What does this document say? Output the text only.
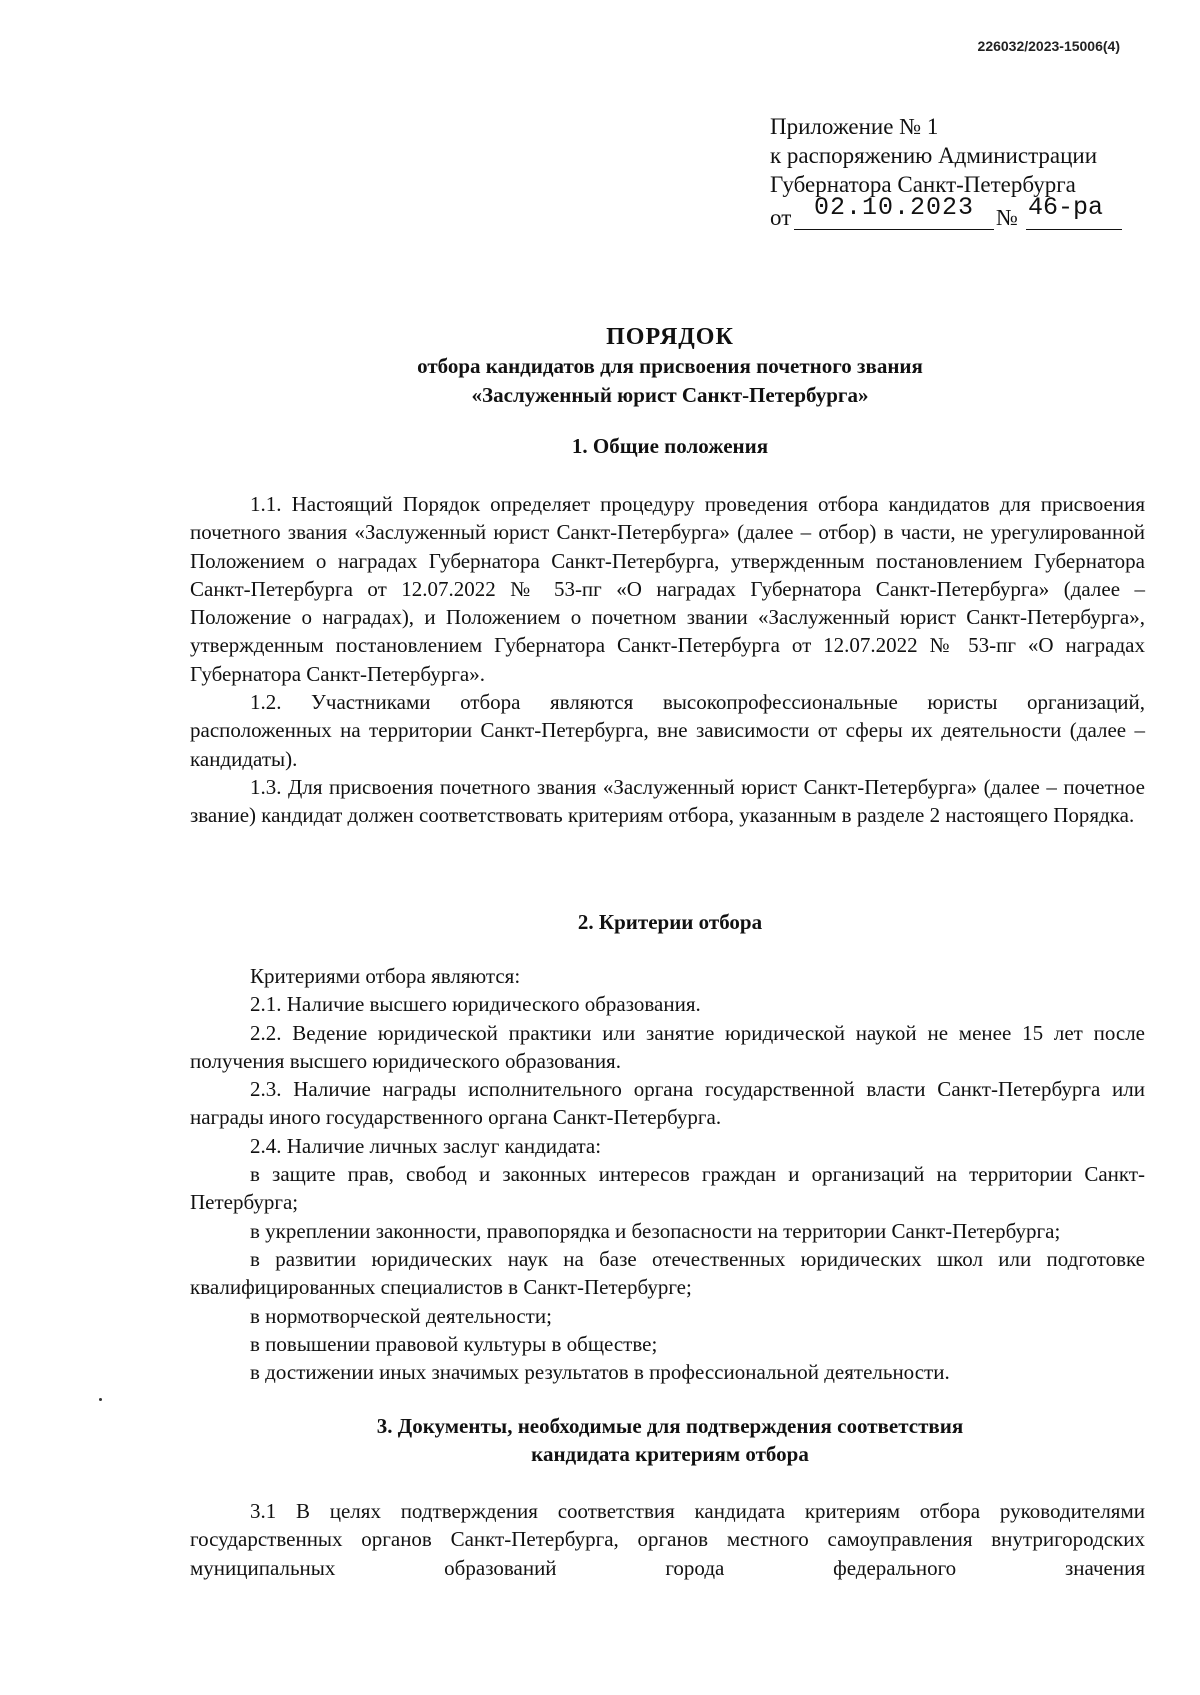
226032/2023-15006(4)
Приложение № 1
к распоряжению Администрации
Губернатора Санкт-Петербурга
от 02.10.2023 № 46-ра
ПОРЯДОК
отбора кандидатов для присвоения почетного звания
«Заслуженный юрист Санкт-Петербурга»
1. Общие положения

1.1. Настоящий Порядок определяет процедуру проведения отбора кандидатов для присвоения почетного звания «Заслуженный юрист Санкт-Петербурга» (далее – отбор) в части, не урегулированной Положением о наградах Губернатора Санкт-Петербурга, утвержденным постановлением Губернатора Санкт-Петербурга от 12.07.2022 № 53-пг «О наградах Губернатора Санкт-Петербурга» (далее – Положение о наградах), и Положением о почетном звании «Заслуженный юрист Санкт-Петербурга», утвержденным постановлением Губернатора Санкт-Петербурга от 12.07.2022 № 53-пг «О наградах Губернатора Санкт-Петербурга».

1.2. Участниками отбора являются высокопрофессиональные юристы организаций, расположенных на территории Санкт-Петербурга, вне зависимости от сферы их деятельности (далее – кандидаты).

1.3. Для присвоения почетного звания «Заслуженный юрист Санкт-Петербурга» (далее – почетное звание) кандидат должен соответствовать критериям отбора, указанным в разделе 2 настоящего Порядка.

2. Критерии отбора

Критериями отбора являются:

2.1. Наличие высшего юридического образования.

2.2. Ведение юридической практики или занятие юридической наукой не менее 15 лет после получения высшего юридического образования.

2.3. Наличие награды исполнительного органа государственной власти Санкт-Петербурга или награды иного государственного органа Санкт-Петербурга.

2.4. Наличие личных заслуг кандидата:

в защите прав, свобод и законных интересов граждан и организаций на территории Санкт-Петербурга;

в укреплении законности, правопорядка и безопасности на территории Санкт-Петербурга;

в развитии юридических наук на базе отечественных юридических школ или подготовке квалифицированных специалистов в Санкт-Петербурге;

в нормотворческой деятельности;

в повышении правовой культуры в обществе;

в достижении иных значимых результатов в профессиональной деятельности.

3. Документы, необходимые для подтверждения соответствия
кандидата критериям отбора

3.1 В целях подтверждения соответствия кандидата критериям отбора руководителями государственных органов Санкт-Петербурга, органов местного самоуправления внутригородских муниципальных образований города федерального значения
